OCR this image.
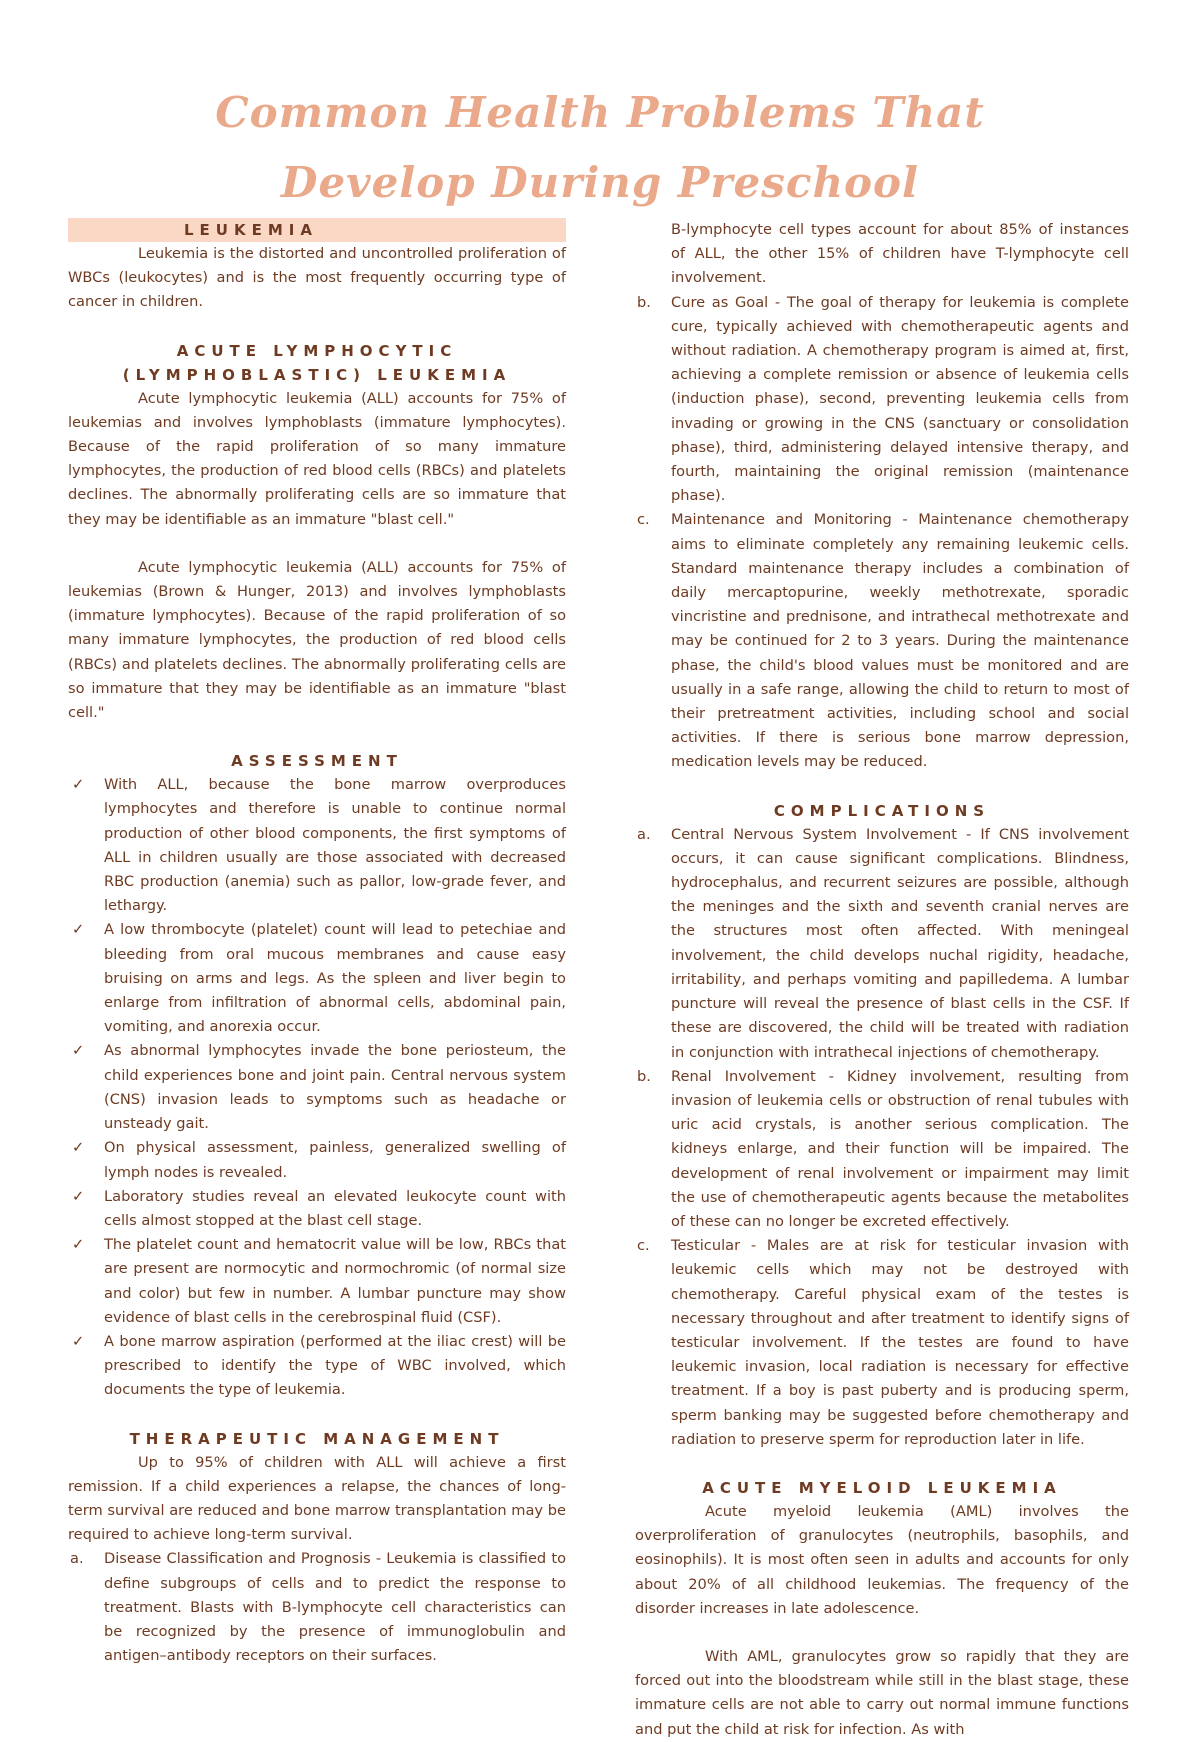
Common Health Problems That
Develop During Preschool
LEUKEMIA

Leukemia is the distorted and uncontrolled proliferation of WBCs (leukocytes) and is the most frequently occurring type of cancer in children.

ACUTE LYMPHOCYTIC
(LYMPHOBLASTIC) LEUKEMIA

Acute lymphocytic leukemia (ALL) accounts for 75% of leukemias and involves lymphoblasts (immature lymphocytes). Because of the rapid proliferation of so many immature lymphocytes, the production of red blood cells (RBCs) and platelets declines. The abnormally proliferating cells are so immature that they may be identifiable as an immature "blast cell."

Acute lymphocytic leukemia (ALL) accounts for 75% of leukemias (Brown & Hunger, 2013) and involves lymphoblasts (immature lymphocytes). Because of the rapid proliferation of so many immature lymphocytes, the production of red blood cells (RBCs) and platelets declines. The abnormally proliferating cells are so immature that they may be identifiable as an immature "blast cell."

ASSESSMENT
✓ With ALL, because the bone marrow overproduces lymphocytes and therefore is unable to continue normal production of other blood components, the first symptoms of ALL in children usually are those associated with decreased RBC production (anemia) such as pallor, low-grade fever, and lethargy.
✓ A low thrombocyte (platelet) count will lead to petechiae and bleeding from oral mucous membranes and cause easy bruising on arms and legs. As the spleen and liver begin to enlarge from infiltration of abnormal cells, abdominal pain, vomiting, and anorexia occur.
✓ As abnormal lymphocytes invade the bone periosteum, the child experiences bone and joint pain. Central nervous system (CNS) invasion leads to symptoms such as headache or unsteady gait.
✓ On physical assessment, painless, generalized swelling of lymph nodes is revealed.
✓ Laboratory studies reveal an elevated leukocyte count with cells almost stopped at the blast cell stage.
✓ The platelet count and hematocrit value will be low, RBCs that are present are normocytic and normochromic (of normal size and color) but few in number. A lumbar puncture may show evidence of blast cells in the cerebrospinal fluid (CSF).
✓ A bone marrow aspiration (performed at the iliac crest) will be prescribed to identify the type of WBC involved, which documents the type of leukemia.
THERAPEUTIC MANAGEMENT

Up to 95% of children with ALL will achieve a first remission. If a child experiences a relapse, the chances of long-term survival are reduced and bone marrow transplantation may be required to achieve long-term survival.

a. Disease Classification and Prognosis - Leukemia is classified to define subgroups of cells and to predict the response to treatment. Blasts with B-lymphocyte cell characteristics can be recognized by the presence of immunoglobulin and antigen–antibody receptors on their surfaces.

B-lymphocyte cell types account for about 85% of instances of ALL, the other 15% of children have T-lymphocyte cell involvement.

b. Cure as Goal - The goal of therapy for leukemia is complete cure, typically achieved with chemotherapeutic agents and without radiation. A chemotherapy program is aimed at, first, achieving a complete remission or absence of leukemia cells (induction phase), second, preventing leukemia cells from invading or growing in the CNS (sanctuary or consolidation phase), third, administering delayed intensive therapy, and fourth, maintaining the original remission (maintenance phase).
c. Maintenance and Monitoring - Maintenance chemotherapy aims to eliminate completely any remaining leukemic cells. Standard maintenance therapy includes a combination of daily mercaptopurine, weekly methotrexate, sporadic vincristine and prednisone, and intrathecal methotrexate and may be continued for 2 to 3 years. During the maintenance phase, the child's blood values must be monitored and are usually in a safe range, allowing the child to return to most of their pretreatment activities, including school and social activities. If there is serious bone marrow depression, medication levels may be reduced.
COMPLICATIONS
a. Central Nervous System Involvement - If CNS involvement occurs, it can cause significant complications. Blindness, hydrocephalus, and recurrent seizures are possible, although the meninges and the sixth and seventh cranial nerves are the structures most often affected. With meningeal involvement, the child develops nuchal rigidity, headache, irritability, and perhaps vomiting and papilledema. A lumbar puncture will reveal the presence of blast cells in the CSF. If these are discovered, the child will be treated with radiation in conjunction with intrathecal injections of chemotherapy.
b. Renal Involvement - Kidney involvement, resulting from invasion of leukemia cells or obstruction of renal tubules with uric acid crystals, is another serious complication. The kidneys enlarge, and their function will be impaired. The development of renal involvement or impairment may limit the use of chemotherapeutic agents because the metabolites of these can no longer be excreted effectively.
c. Testicular - Males are at risk for testicular invasion with leukemic cells which may not be destroyed with chemotherapy. Careful physical exam of the testes is necessary throughout and after treatment to identify signs of testicular involvement. If the testes are found to have leukemic invasion, local radiation is necessary for effective treatment. If a boy is past puberty and is producing sperm, sperm banking may be suggested before chemotherapy and radiation to preserve sperm for reproduction later in life.
ACUTE MYELOID LEUKEMIA

Acute myeloid leukemia (AML) involves the overproliferation of granulocytes (neutrophils, basophils, and eosinophils). It is most often seen in adults and accounts for only about 20% of all childhood leukemias. The frequency of the disorder increases in late adolescence.

With AML, granulocytes grow so rapidly that they are forced out into the bloodstream while still in the blast stage, these immature cells are not able to carry out normal immune functions and put the child at risk for infection. As with
